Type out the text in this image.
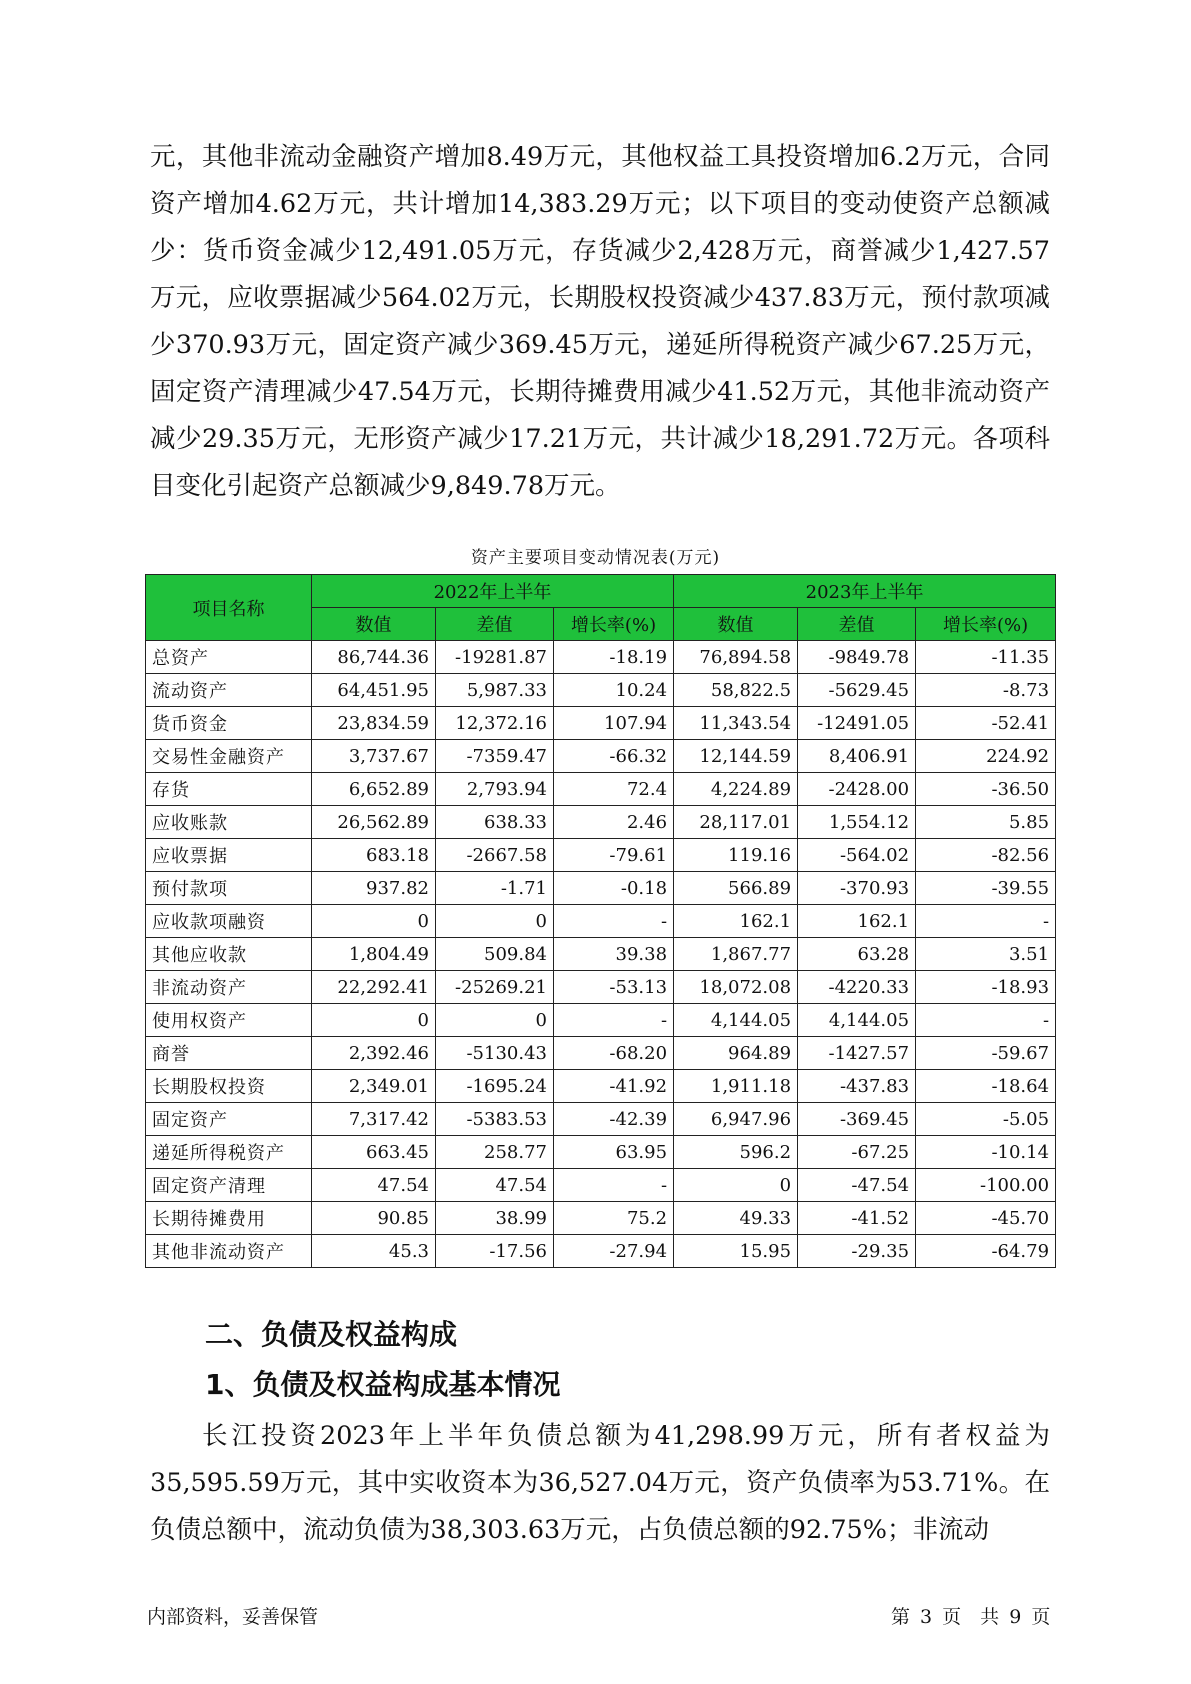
元，其他非流动金融资产增加8.49万元，其他权益工具投资增加6.2万元，合同资产增加4.62万元，共计增加14,383.29万元；以下项目的变动使资产总额减少：货币资金减少12,491.05万元，存货减少2,428万元，商誉减少1,427.57万元，应收票据减少564.02万元，长期股权投资减少437.83万元，预付款项减少370.93万元，固定资产减少369.45万元，递延所得税资产减少67.25万元，固定资产清理减少47.54万元，长期待摊费用减少41.52万元，其他非流动资产减少29.35万元，无形资产减少17.21万元，共计减少18,291.72万元。各项科目变化引起资产总额减少9,849.78万元。

资产主要项目变动情况表(万元)
项目名称	2022年上半年			2023年上半年		
	数值	差值	增长率(%)	数值	差值	增长率(%)
总资产	86,744.36	-19281.87	-18.19	76,894.58	-9849.78	-11.35
流动资产	64,451.95	5,987.33	10.24	58,822.5	-5629.45	-8.73
货币资金	23,834.59	12,372.16	107.94	11,343.54	-12491.05	-52.41
交易性金融资产	3,737.67	-7359.47	-66.32	12,144.59	8,406.91	224.92
存货	6,652.89	2,793.94	72.4	4,224.89	-2428.00	-36.50
应收账款	26,562.89	638.33	2.46	28,117.01	1,554.12	5.85
应收票据	683.18	-2667.58	-79.61	119.16	-564.02	-82.56
预付款项	937.82	-1.71	-0.18	566.89	-370.93	-39.55
应收款项融资	0	0	-	162.1	162.1	-
其他应收款	1,804.49	509.84	39.38	1,867.77	63.28	3.51
非流动资产	22,292.41	-25269.21	-53.13	18,072.08	-4220.33	-18.93
使用权资产	0	0	-	4,144.05	4,144.05	-
商誉	2,392.46	-5130.43	-68.20	964.89	-1427.57	-59.67
长期股权投资	2,349.01	-1695.24	-41.92	1,911.18	-437.83	-18.64
固定资产	7,317.42	-5383.53	-42.39	6,947.96	-369.45	-5.05
递延所得税资产	663.45	258.77	63.95	596.2	-67.25	-10.14
固定资产清理	47.54	47.54	-	0	-47.54	-100.00
长期待摊费用	90.85	38.99	75.2	49.33	-41.52	-45.70
其他非流动资产	45.3	-17.56	-27.94	15.95	-29.35	-64.79
二、负债及权益构成
1、负债及权益构成基本情况

长江投资2023年上半年负债总额为41,298.99万元，所有者权益为35,595.59万元，其中实收资本为36,527.04万元，资产负债率为53.71%。在负债总额中，流动负债为38,303.63万元，占负债总额的92.75%；非流动

内部资料，妥善保管	第 3 页　共 9 页
